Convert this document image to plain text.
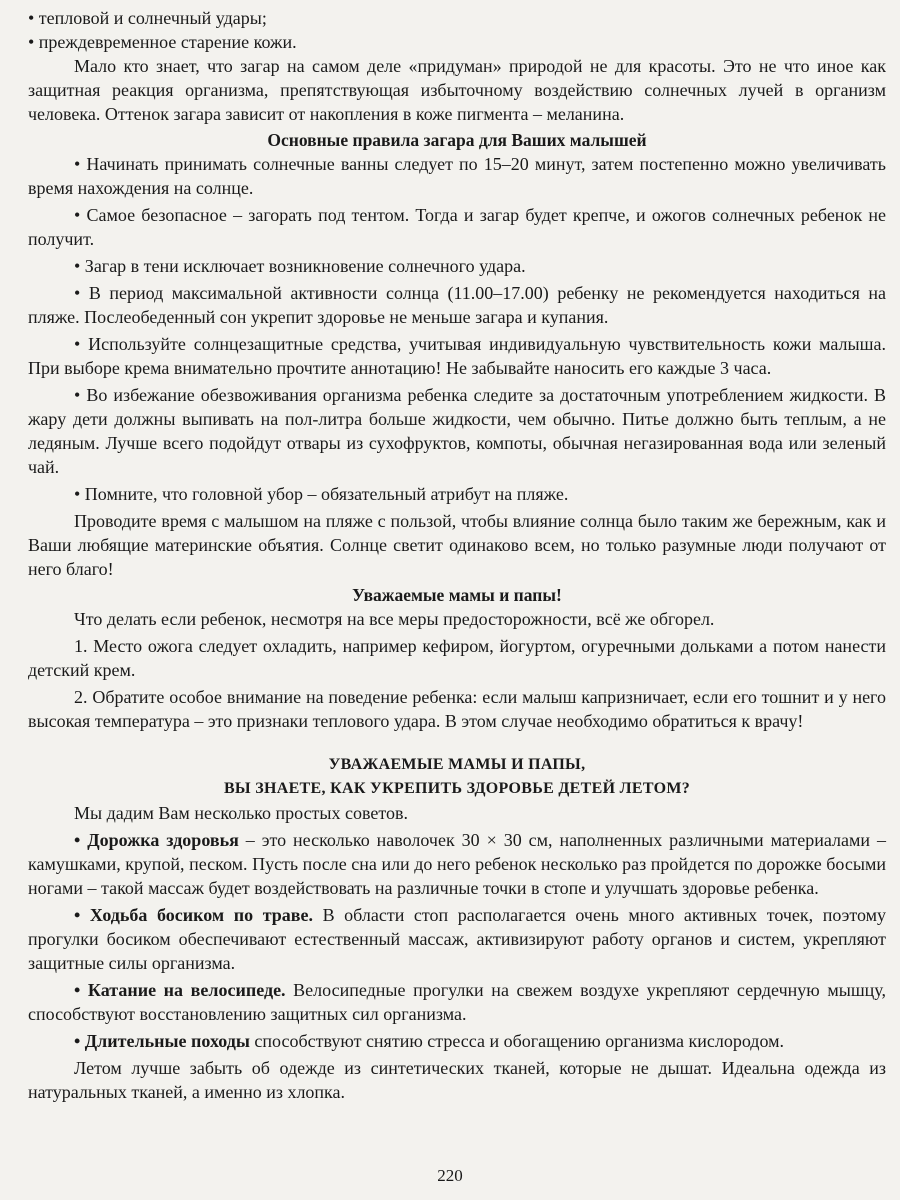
• тепловой и солнечный удары;

• преждевременное старение кожи.

Мало кто знает, что загар на самом деле «придуман» природой не для красоты. Это не что иное как защитная реакция организма, препятствующая избыточному воздействию солнечных лучей в организм человека. Оттенок загара зависит от накопления в коже пигмента – меланина.

Основные правила загара для Ваших малышей

• Начинать принимать солнечные ванны следует по 15–20 минут, затем постепенно можно увеличивать время нахождения на солнце.

• Самое безопасное – загорать под тентом. Тогда и загар будет крепче, и ожогов солнечных ребенок не получит.

• Загар в тени исключает возникновение солнечного удара.

• В период максимальной активности солнца (11.00–17.00) ребенку не рекомендуется находиться на пляже. Послеобеденный сон укрепит здоровье не меньше загара и купания.

• Используйте солнцезащитные средства, учитывая индивидуальную чувствительность кожи малыша. При выборе крема внимательно прочтите аннотацию! Не забывайте наносить его каждые 3 часа.

• Во избежание обезвоживания организма ребенка следите за достаточным употреблением жидкости. В жару дети должны выпивать на пол-литра больше жидкости, чем обычно. Питье должно быть теплым, а не ледяным. Лучше всего подойдут отвары из сухофруктов, компоты, обычная негазированная вода или зеленый чай.

• Помните, что головной убор – обязательный атрибут на пляже.

Проводите время с малышом на пляже с пользой, чтобы влияние солнца было таким же бережным, как и Ваши любящие материнские объятия. Солнце светит одинаково всем, но только разумные люди получают от него благо!

Уважаемые мамы и папы!

Что делать если ребенок, несмотря на все меры предосторожности, всё же обгорел.

1. Место ожога следует охладить, например кефиром, йогуртом, огуречными дольками а потом нанести детский крем.

2. Обратите особое внимание на поведение ребенка: если малыш капризничает, если его тошнит и у него высокая температура – это признаки теплового удара. В этом случае необходимо обратиться к врачу!

УВАЖАЕМЫЕ МАМЫ И ПАПЫ,
ВЫ ЗНАЕТЕ, КАК УКРЕПИТЬ ЗДОРОВЬЕ ДЕТЕЙ ЛЕТОМ?

Мы дадим Вам несколько простых советов.

• Дорожка здоровья – это несколько наволочек 30 × 30 см, наполненных различными материалами – камушками, крупой, песком. Пусть после сна или до него ребенок несколько раз пройдется по дорожке босыми ногами – такой массаж будет воздействовать на различные точки в стопе и улучшать здоровье ребенка.

• Ходьба босиком по траве. В области стоп располагается очень много активных точек, поэтому прогулки босиком обеспечивают естественный массаж, активизируют работу органов и систем, укрепляют защитные силы организма.

• Катание на велосипеде. Велосипедные прогулки на свежем воздухе укрепляют сердечную мышцу, способствуют восстановлению защитных сил организма.

• Длительные походы способствуют снятию стресса и обогащению организма кислородом.

Летом лучше забыть об одежде из синтетических тканей, которые не дышат. Идеальна одежда из натуральных тканей, а именно из хлопка.

220
